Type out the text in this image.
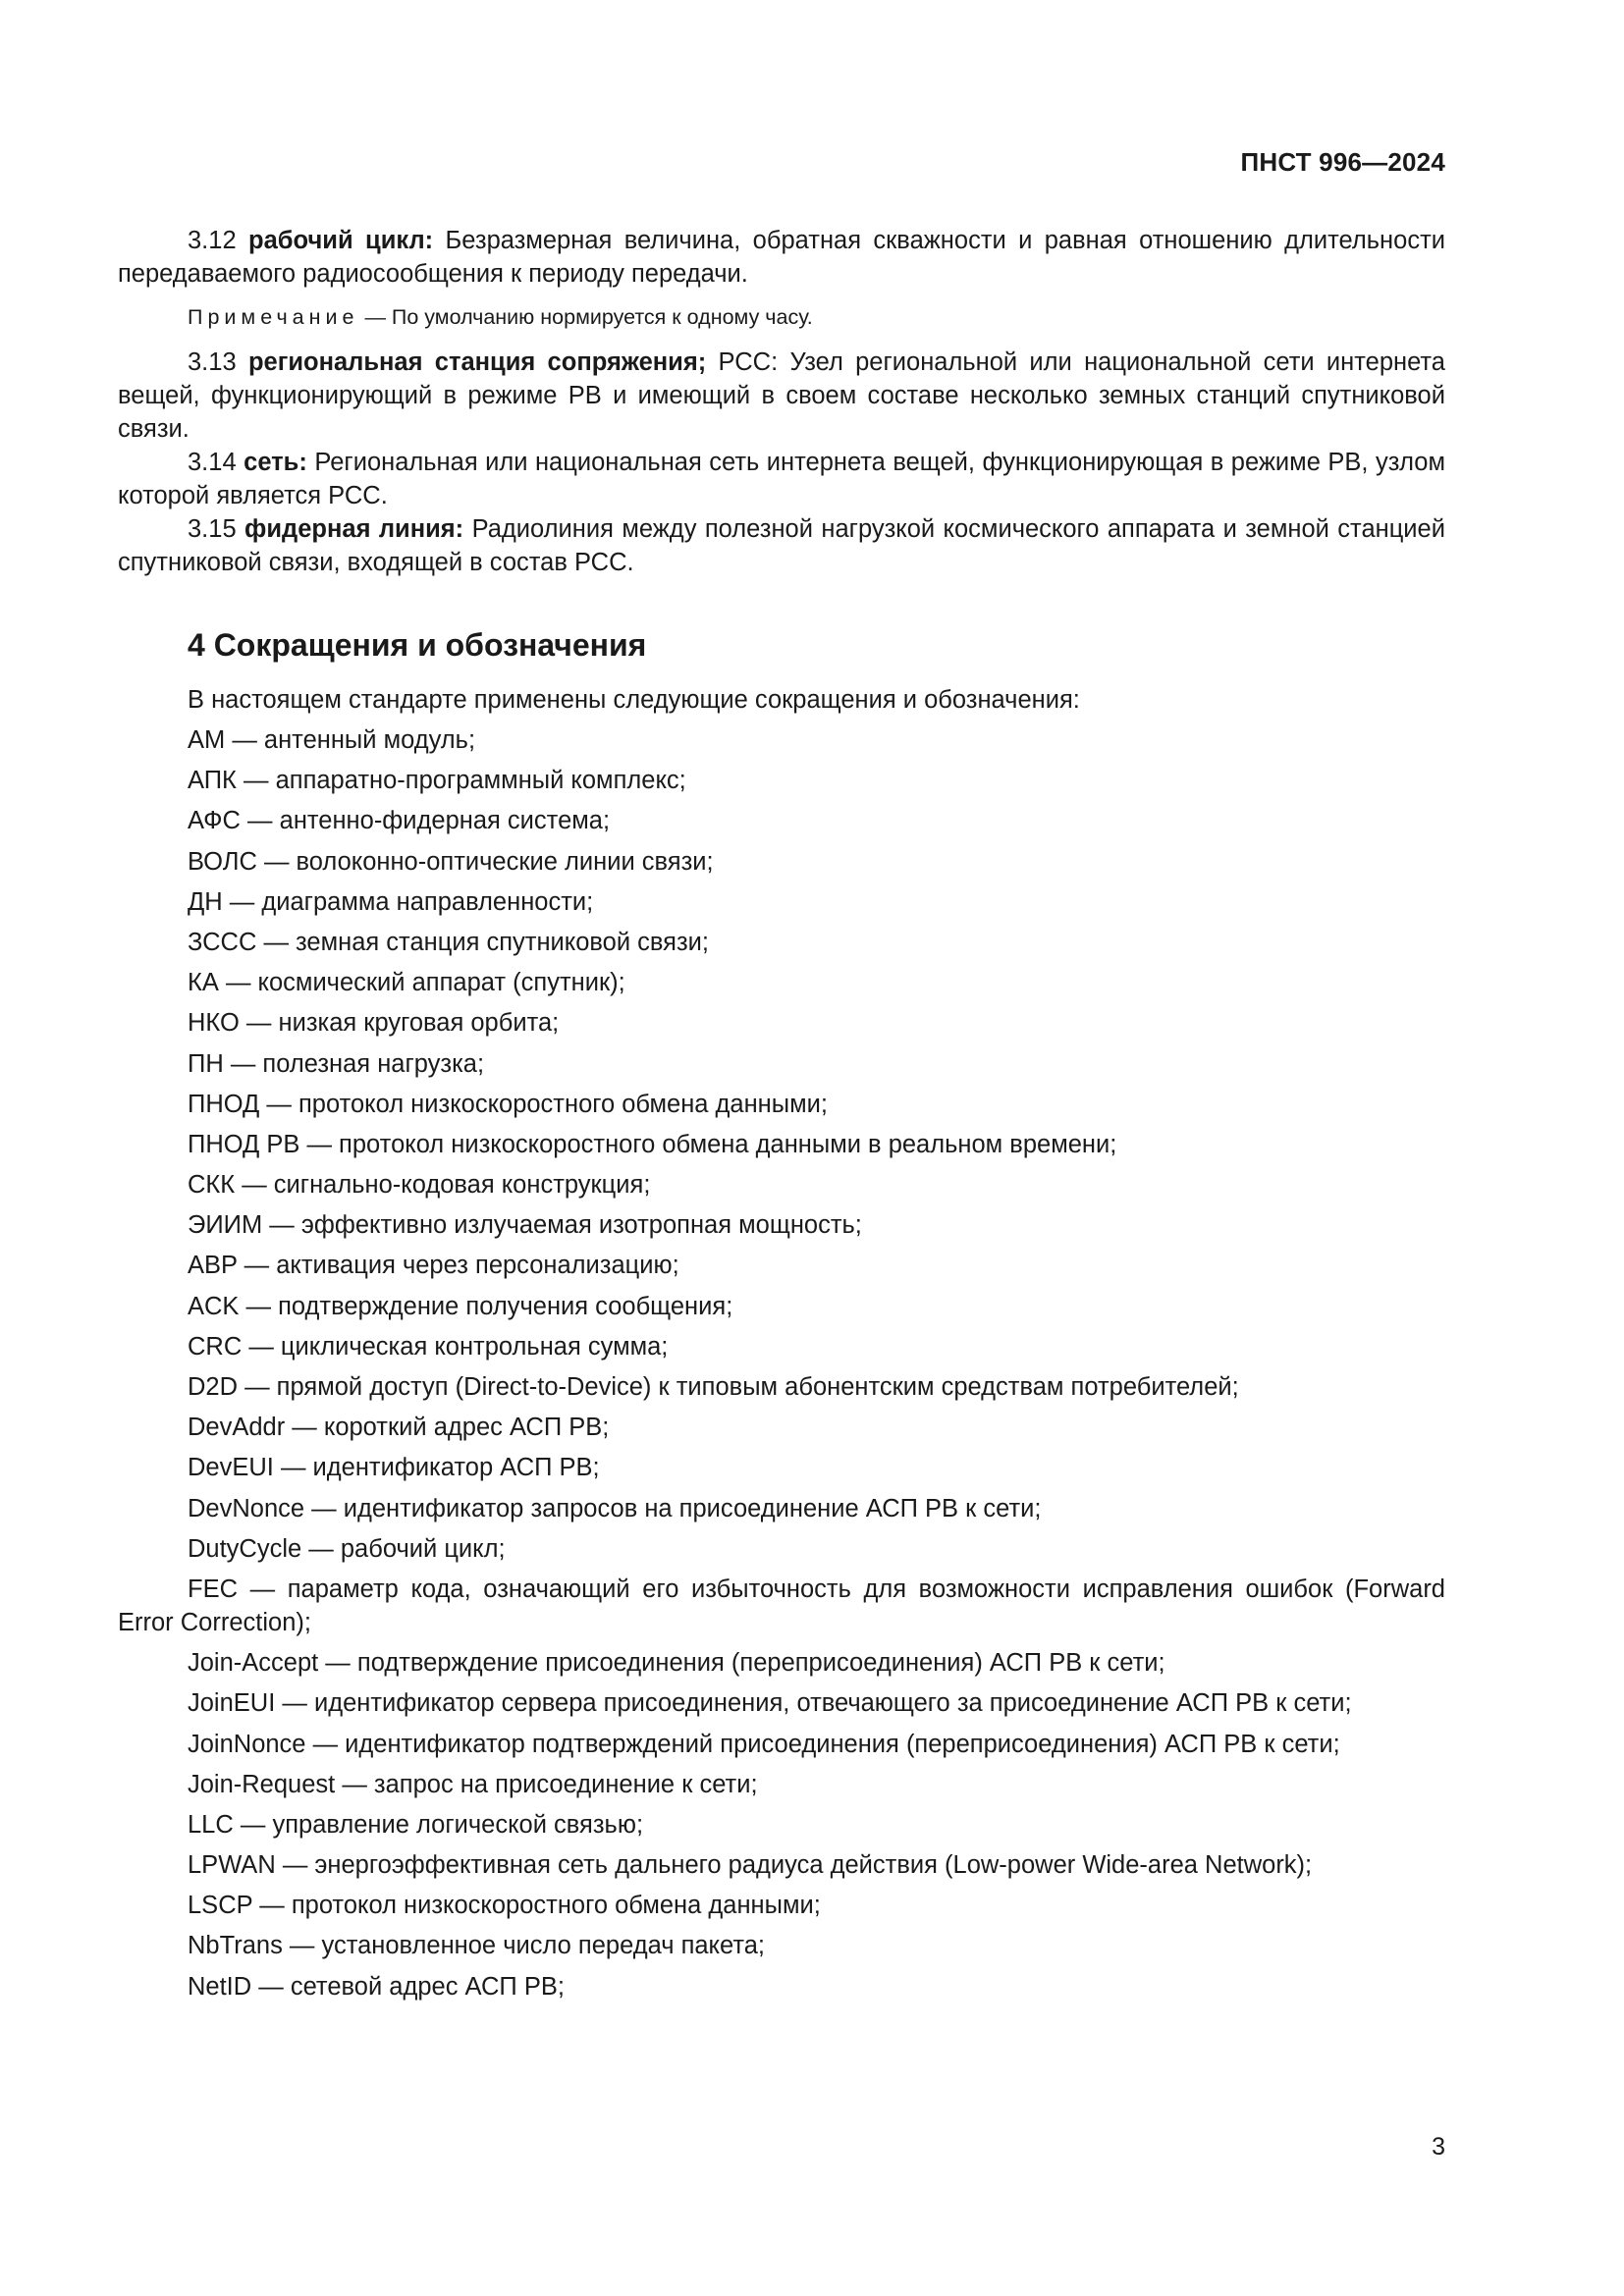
ПНСТ 996—2024

3.12 рабочий цикл: Безразмерная величина, обратная скважности и равная отношению длительности передаваемого радиосообщения к периоду передачи.

Примечание — По умолчанию нормируется к одному часу.

3.13 региональная станция сопряжения; РСС: Узел региональной или национальной сети интернета вещей, функционирующий в режиме РВ и имеющий в своем составе несколько земных станций спутниковой связи.

3.14 сеть: Региональная или национальная сеть интернета вещей, функционирующая в режиме РВ, узлом которой является РСС.

3.15 фидерная линия: Радиолиния между полезной нагрузкой космического аппарата и земной станцией спутниковой связи, входящей в состав РСС.

4 Сокращения и обозначения

В настоящем стандарте применены следующие сокращения и обозначения:

АМ — антенный модуль;
АПК — аппаратно-программный комплекс;
АФС — антенно-фидерная система;
ВОЛС — волоконно-оптические линии связи;
ДН — диаграмма направленности;
ЗССС — земная станция спутниковой связи;
КА — космический аппарат (спутник);
НКО — низкая круговая орбита;
ПН — полезная нагрузка;
ПНОД — протокол низкоскоростного обмена данными;
ПНОД РВ — протокол низкоскоростного обмена данными в реальном времени;
СКК — сигнально-кодовая конструкция;
ЭИИМ — эффективно излучаемая изотропная мощность;
ABP — активация через персонализацию;
ACK — подтверждение получения сообщения;
CRC — циклическая контрольная сумма;
D2D — прямой доступ (Direct-to-Device) к типовым абонентским средствам потребителей;
DevAddr — короткий адрес АСП РВ;
DevEUI — идентификатор АСП РВ;
DevNonce — идентификатор запросов на присоединение АСП РВ к сети;
DutyCycle — рабочий цикл;
FEC — параметр кода, означающий его избыточность для возможности исправления ошибок (Forward Error Correction);
Join-Accept — подтверждение присоединения (переприсоединения) АСП РВ к сети;
JoinEUI — идентификатор сервера присоединения, отвечающего за присоединение АСП РВ к сети;
JoinNonce — идентификатор подтверждений присоединения (переприсоединения) АСП РВ к сети;
Join-Request — запрос на присоединение к сети;
LLC — управление логической связью;
LPWAN — энергоэффективная сеть дальнего радиуса действия (Low-power Wide-area Network);
LSCP — протокол низкоскоростного обмена данными;
NbTrans — установленное число передач пакета;
NetID — сетевой адрес АСП РВ;
3
